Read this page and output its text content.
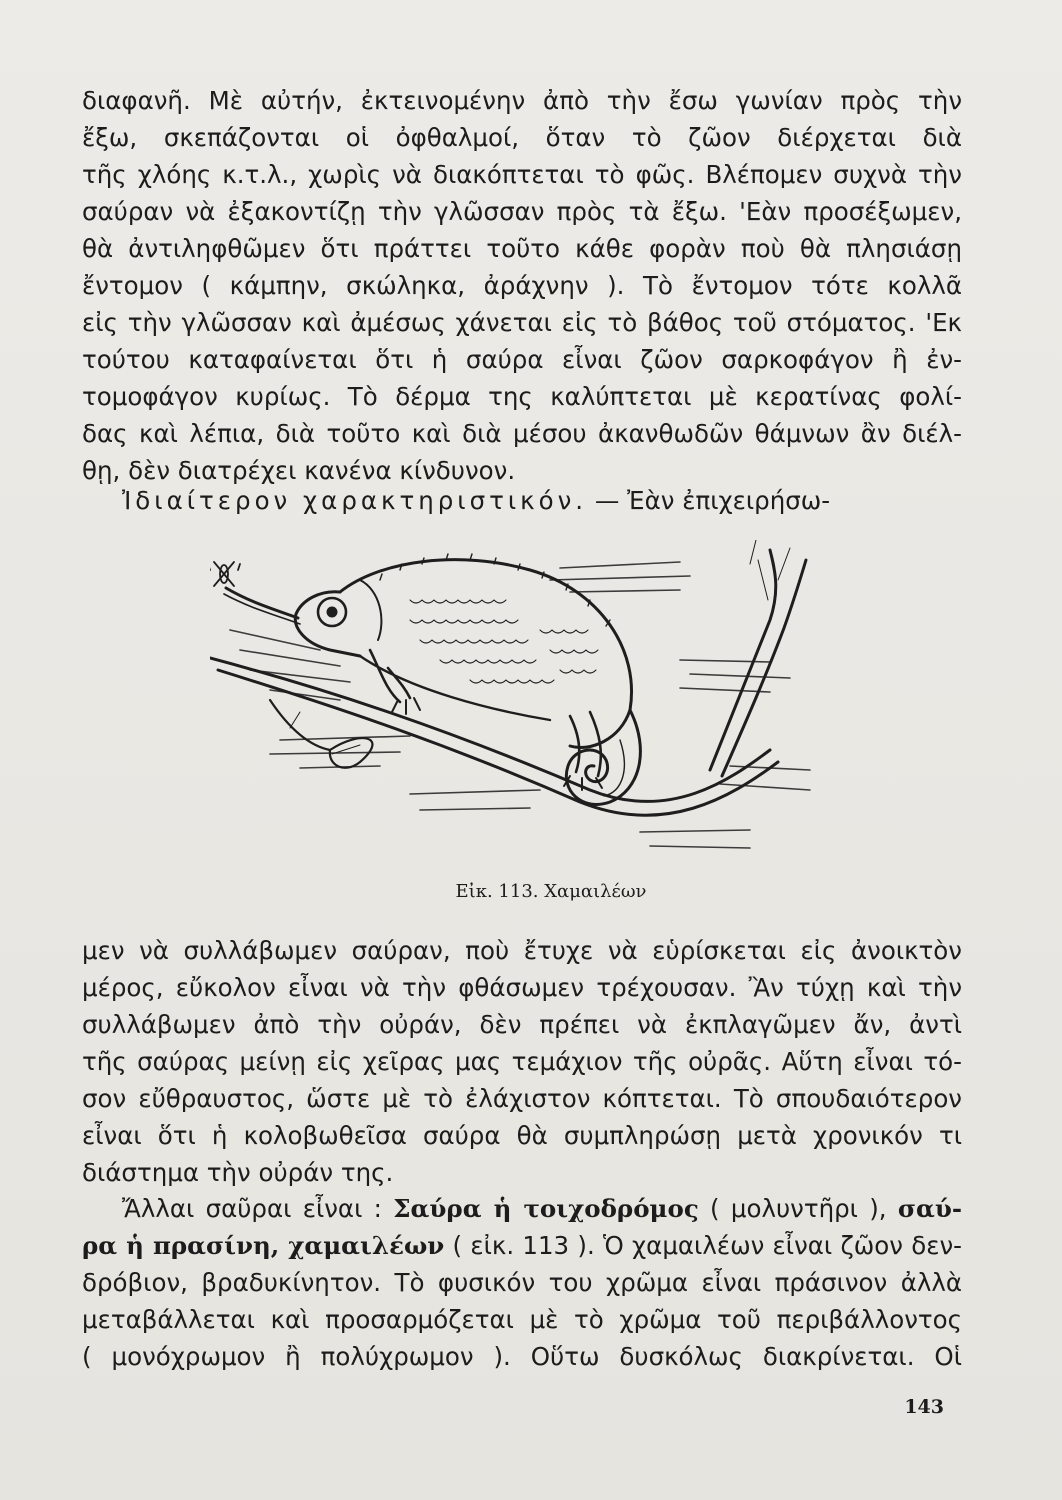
διαφανῆ. Μὲ αὐτήν, ἐκτεινομένην ἀπὸ τὴν ἔσω γωνίαν πρὸς τὴν
ἔξω, σκεπάζονται οἱ ὀφθαλμοί, ὅταν τὸ ζῶον διέρχεται διὰ
τῆς χλόης κ.τ.λ., χωρὶς νὰ διακόπτεται τὸ φῶς. Βλέπομεν συχνὰ τὴν
σαύραν νὰ ἐξακοντίζῃ τὴν γλῶσσαν πρὸς τὰ ἔξω. 'Εὰν προσέξωμεν,
θὰ ἀντιληφθῶμεν ὅτι πράττει τοῦτο κάθε φορὰν ποὺ θὰ πλησιάσῃ
ἔντομον ( κάμπην, σκώληκα, ἀράχνην ). Τὸ ἔντομον τότε κολλᾶ
εἰς τὴν γλῶσσαν καὶ ἀμέσως χάνεται εἰς τὸ βάθος τοῦ στόματος. 'Εκ
τούτου καταφαίνεται ὅτι ἡ σαύρα εἶναι ζῶον σαρκοφάγον ἢ ἐν-
τομοφάγον κυρίως. Τὸ δέρμα της καλύπτεται μὲ κερατίνας φολί-
δας καὶ λέπια, διὰ τοῦτο καὶ διὰ μέσου ἀκανθωδῶν θάμνων ἂν διέλ-
θῃ, δὲν διατρέχει κανένα κίνδυνον.
Ἰδιαίτερον χαρακτηριστικόν. — Ἐὰν ἐπιχειρήσω-
Εἰκ. 113. Χαμαιλέων
μεν νὰ συλλάβωμεν σαύραν, ποὺ ἔτυχε νὰ εὑρίσκεται εἰς ἀνοικτὸν
μέρος, εὔκολον εἶναι νὰ τὴν φθάσωμεν τρέχουσαν. Ἂν τύχῃ καὶ τὴν
συλλάβωμεν ἀπὸ τὴν οὐράν, δὲν πρέπει νὰ ἐκπλαγῶμεν ἄν, ἀντὶ
τῆς σαύρας μείνῃ εἰς χεῖρας μας τεμάχιον τῆς οὐρᾶς. Αὕτη εἶναι τό-
σον εὔθραυστος, ὥστε μὲ τὸ ἐλάχιστον κόπτεται. Τὸ σπουδαιότερον
εἶναι ὅτι ἡ κολοβωθεῖσα σαύρα θὰ συμπληρώσῃ μετὰ χρονικόν τι
διάστημα τὴν οὐράν της.
Ἄλλαι σαῦραι εἶναι : Σαύρα ἡ τοιχοδρόμος ( μολυντῆρι ), σαύ-
ρα ἡ πρασίνη, χαμαιλέων ( εἰκ. 113 ). Ὁ χαμαιλέων εἶναι ζῶον δεν-
δρόβιον, βραδυκίνητον. Τὸ φυσικόν του χρῶμα εἶναι πράσινον ἀλλὰ
μεταβάλλεται καὶ προσαρμόζεται μὲ τὸ χρῶμα τοῦ περιβάλλοντος
( μονόχρωμον ἢ πολύχρωμον ). Οὕτω δυσκόλως διακρίνεται. Οἱ
143
